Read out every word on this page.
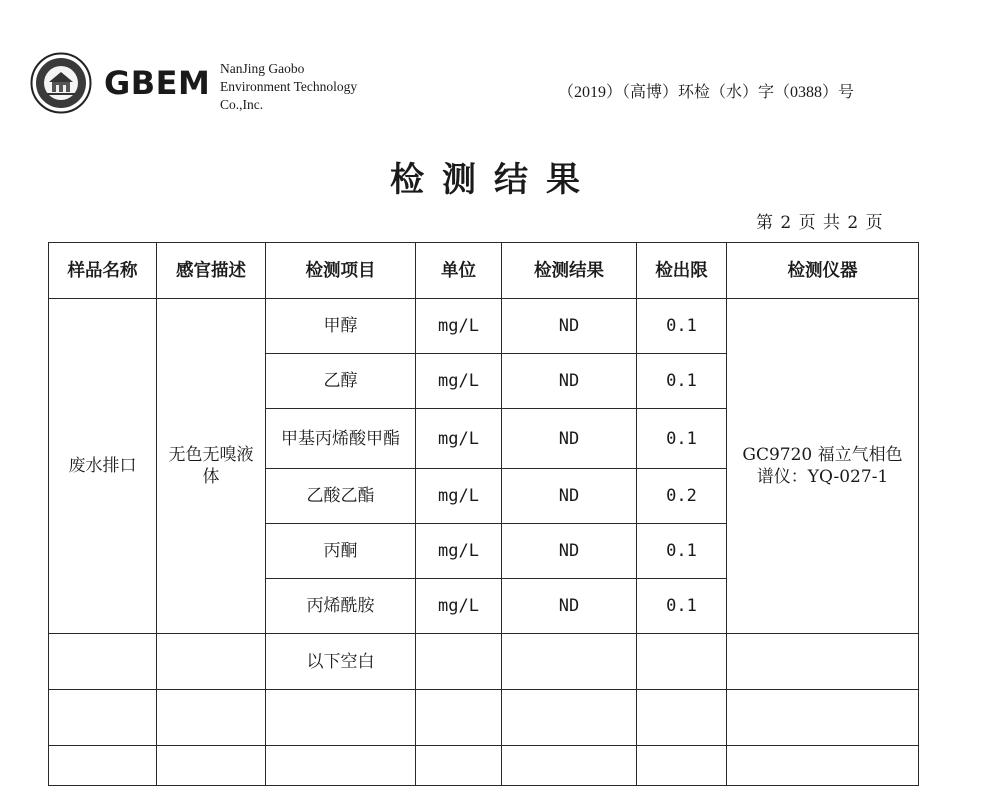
GBEM NanJing Gaobo
Environment Technology
Co.,Inc.
（2019）（高博）环检（水）字（0388）号
检测结果
第 2 页 共 2 页
样品名称	感官描述	检测项目	单位	检测结果	检出限	检测仪器
废水排口	无色无嗅液体	甲醇	mg/L	ND	0.1	GC9720 福立气相色谱仪：YQ-027-1
		乙醇	mg/L	ND	0.1	
		甲基丙烯酸甲酯	mg/L	ND	0.1	
		乙酸乙酯	mg/L	ND	0.2	
		丙酮	mg/L	ND	0.1	
		丙烯酰胺	mg/L	ND	0.1	
		以下空白				
